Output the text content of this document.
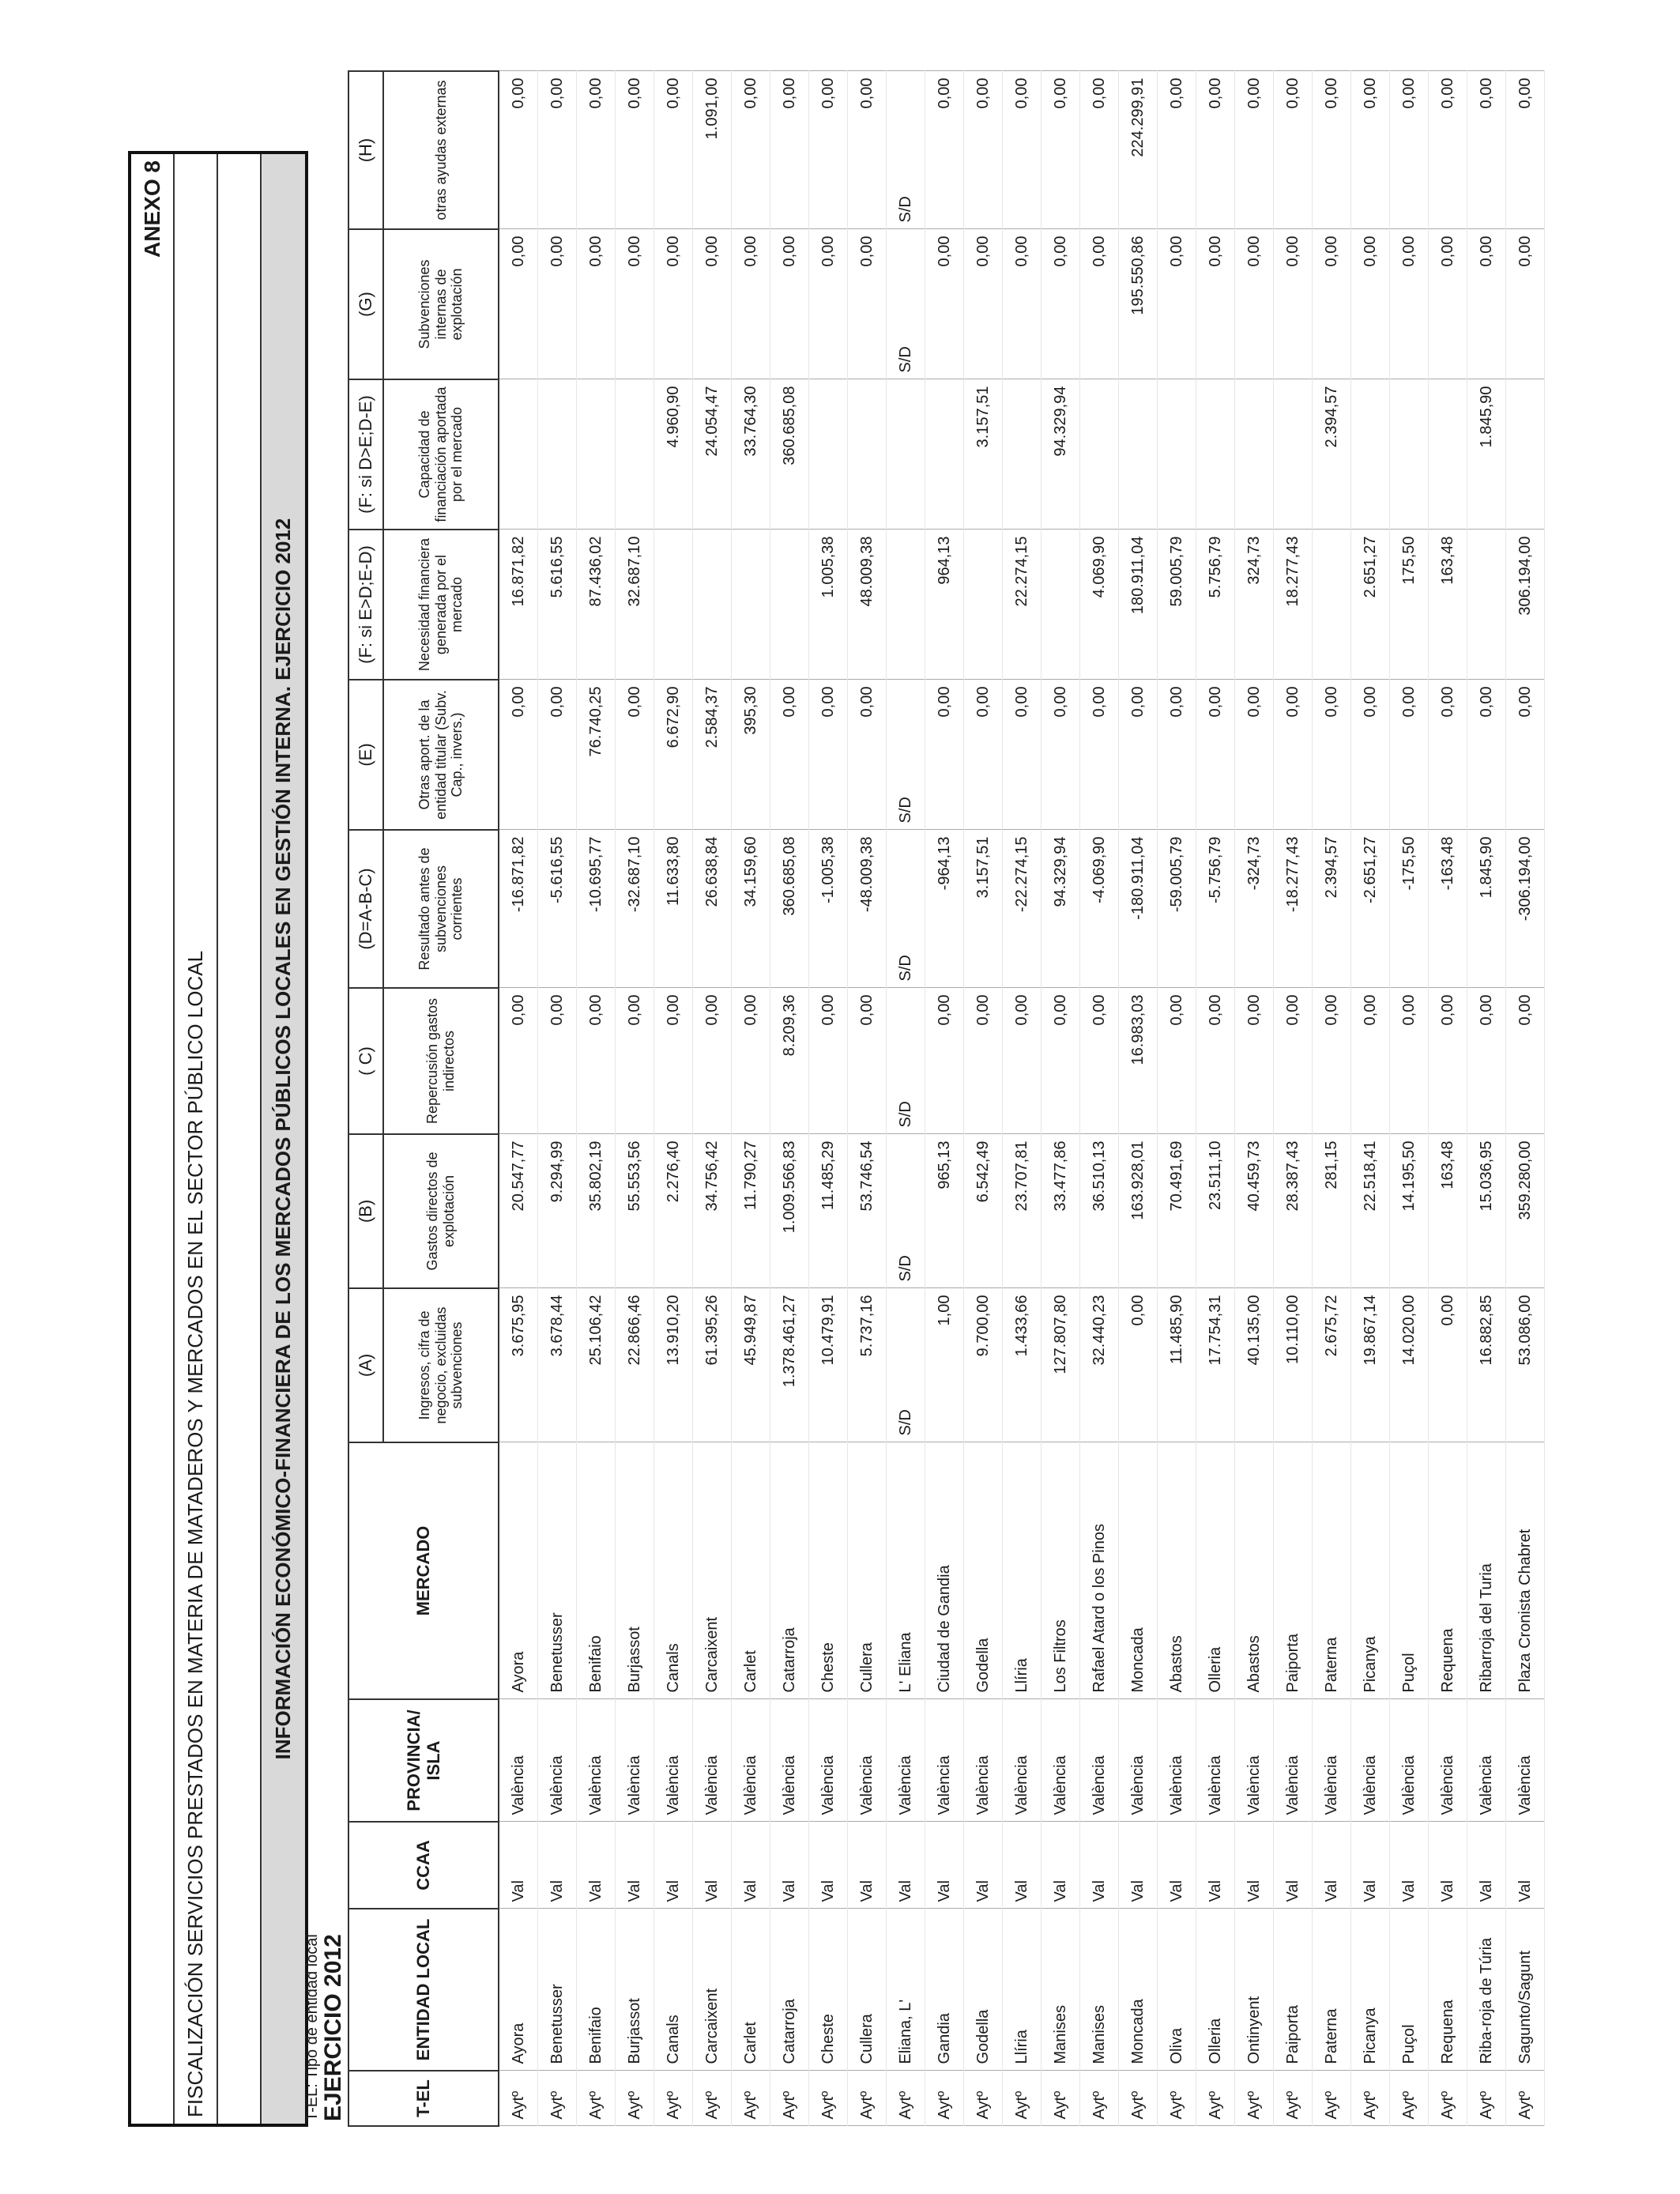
ANEXO 8
FISCALIZACIÓN SERVICIOS PRESTADOS EN MATERIA DE MATADEROS Y MERCADOS EN EL SECTOR PÚBLICO LOCAL	INFORMACIÓN ECONÓMICO-FINANCIERA DE LOS MERCADOS PÚBLICOS LOCALES EN GESTIÓN INTERNA. EJERCICIO 2012
T-EL: Tipo de entidad local EJERCICIO 2012	T-EL	ENTIDAD LOCAL	CCAA	PROVINCIA/ ISLA	MERCADO	(A)	(B)	( C)	(D=A-B-C)	(E)	(F: si E>D;E-D)	(F: si D>E;D-E)	(G)	(H)
					Ingresos, cifra de negocio, excluidas subvenciones	Gastos directos de explotación	Repercusión gastos indirectos	Resultado antes de subvenciones corrientes	Otras aport. de la entidad titular (Subv. Cap., invers.)	Necesidad financiera generada por el mercado	Capacidad de financiación aportada por el mercado	Subvenciones internas de explotación	otras ayudas externas
Aytº	Ayora	Val	València	Ayora	3.675,95	20.547,77	0,00	-16.871,82	0,00	16.871,82		0,00	0,00
Aytº	Benetusser	Val	València	Benetusser	3.678,44	9.294,99	0,00	-5.616,55	0,00	5.616,55		0,00	0,00
Aytº	Benifaio	Val	València	Benifaio	25.106,42	35.802,19	0,00	-10.695,77	76.740,25	87.436,02		0,00	0,00
Aytº	Burjassot	Val	València	Burjassot	22.866,46	55.553,56	0,00	-32.687,10	0,00	32.687,10		0,00	0,00
Aytº	Canals	Val	València	Canals	13.910,20	2.276,40	0,00	11.633,80	6.672,90		4.960,90	0,00	0,00
Aytº	Carcaixent	Val	València	Carcaixent	61.395,26	34.756,42	0,00	26.638,84	2.584,37		24.054,47	0,00	1.091,00
Aytº	Carlet	Val	València	Carlet	45.949,87	11.790,27	0,00	34.159,60	395,30		33.764,30	0,00	0,00
Aytº	Catarroja	Val	València	Catarroja	1.378.461,27	1.009.566,83	8.209,36	360.685,08	0,00		360.685,08	0,00	0,00
Aytº	Cheste	Val	València	Cheste	10.479,91	11.485,29	0,00	-1.005,38	0,00	1.005,38		0,00	0,00
Aytº	Cullera	Val	València	Cullera	5.737,16	53.746,54	0,00	-48.009,38	0,00	48.009,38		0,00	0,00
Aytº	Eliana, L'	Val	València	L' Eliana	S/D	S/D	S/D	S/D	S/D			S/D	S/D
Aytº	Gandia	Val	València	Ciudad de Gandia	1,00	965,13	0,00	-964,13	0,00	964,13		0,00	0,00
Aytº	Godella	Val	València	Godella	9.700,00	6.542,49	0,00	3.157,51	0,00		3.157,51	0,00	0,00
Aytº	Llíria	Val	València	Llíria	1.433,66	23.707,81	0,00	-22.274,15	0,00	22.274,15		0,00	0,00
Aytº	Manises	Val	València	Los Filtros	127.807,80	33.477,86	0,00	94.329,94	0,00		94.329,94	0,00	0,00
Aytº	Manises	Val	València	Rafael Atard o los Pinos	32.440,23	36.510,13	0,00	-4.069,90	0,00	4.069,90		0,00	0,00
Aytº	Moncada	Val	València	Moncada	0,00	163.928,01	16.983,03	-180.911,04	0,00	180.911,04		195.550,86	224.299,91
Aytº	Oliva	Val	València	Abastos	11.485,90	70.491,69	0,00	-59.005,79	0,00	59.005,79		0,00	0,00
Aytº	Olleria	Val	València	Olleria	17.754,31	23.511,10	0,00	-5.756,79	0,00	5.756,79		0,00	0,00
Aytº	Ontinyent	Val	València	Abastos	40.135,00	40.459,73	0,00	-324,73	0,00	324,73		0,00	0,00
Aytº	Paiporta	Val	València	Paiporta	10.110,00	28.387,43	0,00	-18.277,43	0,00	18.277,43		0,00	0,00
Aytº	Paterna	Val	València	Paterna	2.675,72	281,15	0,00	2.394,57	0,00		2.394,57	0,00	0,00
Aytº	Picanya	Val	València	Picanya	19.867,14	22.518,41	0,00	-2.651,27	0,00	2.651,27		0,00	0,00
Aytº	Puçol	Val	València	Puçol	14.020,00	14.195,50	0,00	-175,50	0,00	175,50		0,00	0,00
Aytº	Requena	Val	València	Requena	0,00	163,48	0,00	-163,48	0,00	163,48		0,00	0,00
Aytº	Riba-roja de Túria	Val	València	Ribarroja del Turia	16.882,85	15.036,95	0,00	1.845,90	0,00		1.845,90	0,00	0,00
Aytº	Sagunto/Sagunt	Val	València	Plaza Cronista Chabret	53.086,00	359.280,00	0,00	-306.194,00	0,00	306.194,00		0,00	0,00
